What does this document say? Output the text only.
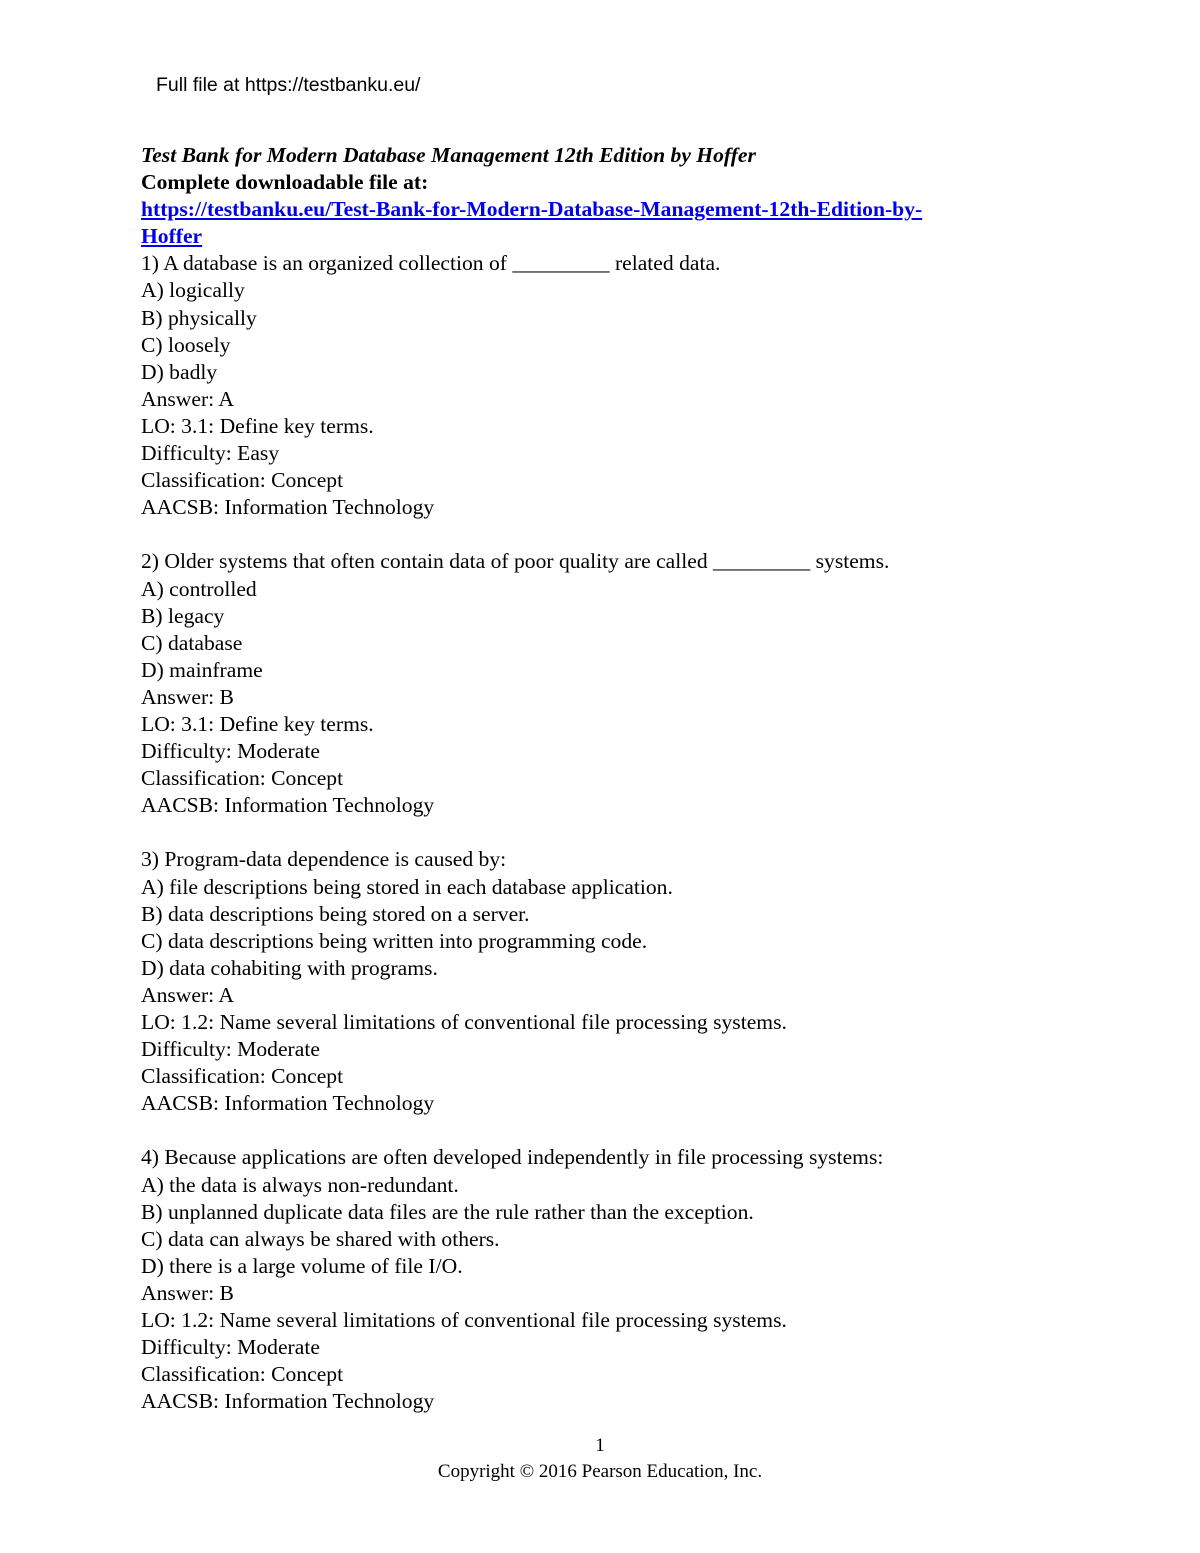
Full file at https://testbanku.eu/
Test Bank for Modern Database Management 12th Edition by Hoffer
Complete downloadable file at:
https://testbanku.eu/Test-Bank-for-Modern-Database-Management-12th-Edition-by-
Hoffer
1) A database is an organized collection of _________ related data.
A) logically
B) physically
C) loosely
D) badly
Answer: A
LO: 3.1: Define key terms.
Difficulty: Easy
Classification: Concept
AACSB: Information Technology
2) Older systems that often contain data of poor quality are called _________ systems.
A) controlled
B) legacy
C) database
D) mainframe
Answer: B
LO: 3.1: Define key terms.
Difficulty: Moderate
Classification: Concept
AACSB: Information Technology
3) Program-data dependence is caused by:
A) file descriptions being stored in each database application.
B) data descriptions being stored on a server.
C) data descriptions being written into programming code.
D) data cohabiting with programs.
Answer: A
LO: 1.2: Name several limitations of conventional file processing systems.
Difficulty: Moderate
Classification: Concept
AACSB: Information Technology
4) Because applications are often developed independently in file processing systems:
A) the data is always non-redundant.
B) unplanned duplicate data files are the rule rather than the exception.
C) data can always be shared with others.
D) there is a large volume of file I/O.
Answer: B
LO: 1.2: Name several limitations of conventional file processing systems.
Difficulty: Moderate
Classification: Concept
AACSB: Information Technology
1
Copyright © 2016 Pearson Education, Inc.
